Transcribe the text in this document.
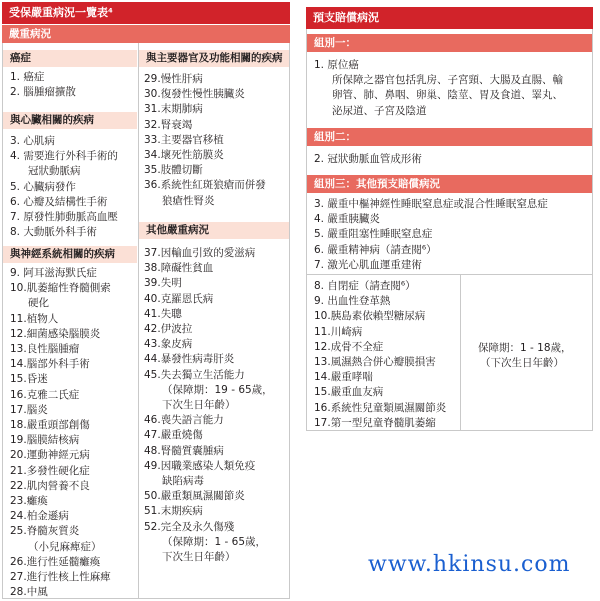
受保嚴重病況一覽表⁴
嚴重病況
癌症
1. 癌症
2. 腦腫瘤擴散
與心臟相關的疾病
3. 心肌病
4. 需要進行外科手術的
冠狀動脈病
5. 心臟病發作
6. 心瓣及結構性手術
7. 原發性肺動脈高血壓
8. 大動脈外科手術
與神經系統相關的疾病
9. 阿耳滋海默氏症
10.肌萎縮性脊髓側索
硬化
11.植物人
12.細菌感染腦膜炎
13.良性腦腫瘤
14.腦部外科手術
15.昏迷
16.克雅二氏症
17.腦炎
18.嚴重頭部創傷
19.腦膜結核病
20.運動神經元病
21.多發性硬化症
22.肌肉營養不良
23.癱瘓
24.柏金遜病
25.脊髓灰質炎
（小兒麻痺症）
26.進行性延髓癱瘓
27.進行性核上性麻痺
28.中風
與主要器官及功能相關的疾病
29.慢性肝病
30.復發性慢性胰臟炎
31.末期肺病
32.腎衰竭
33.主要器官移植
34.壞死性筋膜炎
35.肢體切斷
36.系統性紅斑狼瘡而併發
狼瘡性腎炎
其他嚴重病況
37.因輸血引致的愛滋病
38.障礙性貧血
39.失明
40.克羅恩氏病
41.失聰
42.伊波拉
43.象皮病
44.暴發性病毒肝炎
45.失去獨立生活能力
（保障期：19 - 65歲，
下次生日年齡）
46.喪失語言能力
47.嚴重燒傷
48.腎髓質囊腫病
49.因職業感染人類免疫
缺陷病毒
50.嚴重類風濕關節炎
51.末期疾病
52.完全及永久傷殘
（保障期：1 - 65歲，
下次生日年齡）
預支賠償病況
組別一：
1. 原位癌
所保障之器官包括乳房、子宮頸、大腸及直腸、輸
卵管、肺、鼻咽、卵巢、陰莖、胃及食道、睪丸、
泌尿道、子宮及陰道
組別二：
2. 冠狀動脈血管成形術
組別三：其他預支賠償病況
3. 嚴重中樞神經性睡眠窒息症或混合性睡眠窒息症
4. 嚴重胰臟炎
5. 嚴重阻塞性睡眠窒息症
6. 嚴重精神病（請查閱⁶）
7. 激光心肌血運重建術
8. 自閉症（請查閱⁶）
9. 出血性登革熱
10.胰島素依賴型糖尿病
11.川崎病
12.成骨不全症
13.風濕熱合併心瓣膜損害
14.嚴重哮喘
15.嚴重血友病
16.系統性兒童類風濕關節炎
17.第一型兒童脊髓肌萎縮
保障期：1 - 18歲，
（下次生日年齡）
www.hkinsu.com
